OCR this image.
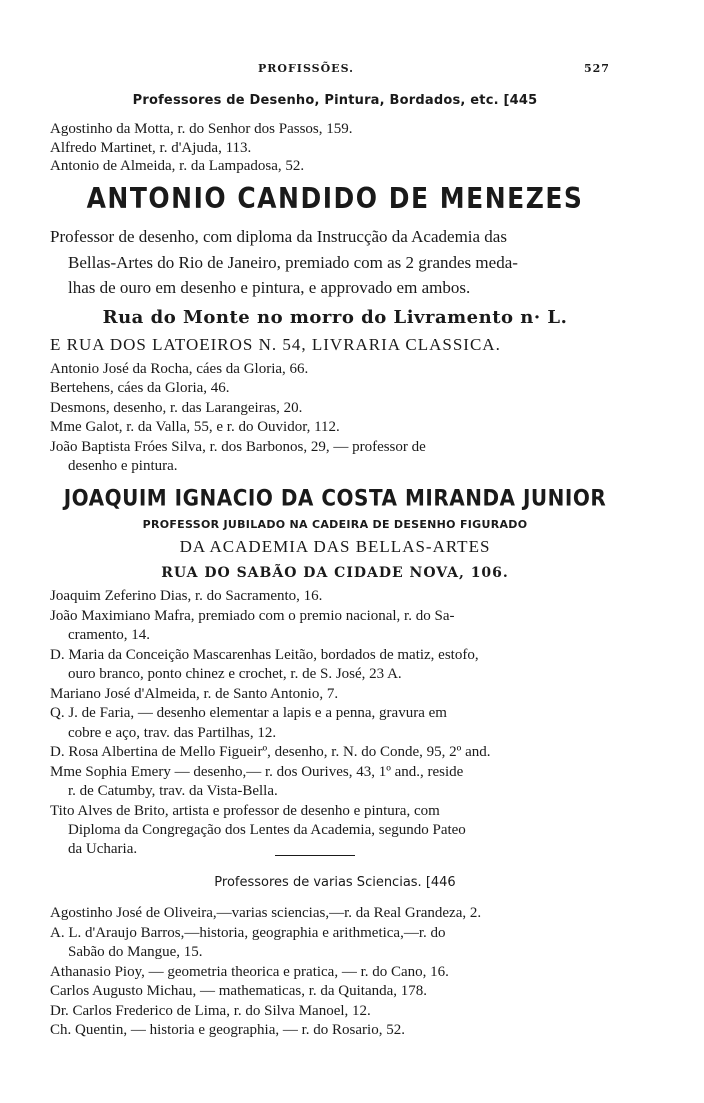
PROFISSÕES.	527
Professores de Desenho, Pintura, Bordados, etc. [445
Agostinho da Motta, r. do Senhor dos Passos, 159.
Alfredo Martinet, r. d'Ajuda, 113.
Antonio de Almeida, r. da Lampadosa, 52.
ANTONIO CANDIDO DE MENEZES
Professor de desenho, com diploma da Instrucção da Academia das
Bellas-Artes do Rio de Janeiro, premiado com as 2 grandes meda-
lhas de ouro em desenho e pintura, e approvado em ambos.
Rua do Monte no morro do Livramento n· L.
E RUA DOS LATOEIROS N. 54, LIVRARIA CLASSICA.
Antonio José da Rocha, cáes da Gloria, 66.
Bertehens, cáes da Gloria, 46.
Desmons, desenho, r. das Larangeiras, 20.
Mme Galot, r. da Valla, 55, e r. do Ouvidor, 112.
João Baptista Fróes Silva, r. dos Barbonos, 29, — professor de
desenho e pintura.
JOAQUIM IGNACIO DA COSTA MIRANDA JUNIOR
PROFESSOR JUBILADO NA CADEIRA DE DESENHO FIGURADO
DA ACADEMIA DAS BELLAS-ARTES
RUA DO SABÃO DA CIDADE NOVA, 106.
Joaquim Zeferino Dias, r. do Sacramento, 16.
João Maximiano Mafra, premiado com o premio nacional, r. do Sa-
cramento, 14.
D. Maria da Conceição Mascarenhas Leitão, bordados de matiz, estofo,
ouro branco, ponto chinez e crochet, r. de S. José, 23 A.
Mariano José d'Almeida, r. de Santo Antonio, 7.
Q. J. de Faria, — desenho elementar a lapis e a penna, gravura em
cobre e aço, trav. das Partilhas, 12.
D. Rosa Albertina de Mello Figueirº, desenho, r. N. do Conde, 95, 2º and.
Mme Sophia Emery — desenho,— r. dos Ourives, 43, 1º and., reside
r. de Catumby, trav. da Vista-Bella.
Tito Alves de Brito, artista e professor de desenho e pintura, com
Diploma da Congregação dos Lentes da Academia, segundo Pateo
da Ucharia.
Professores de varias Sciencias. [446
Agostinho José de Oliveira,—varias sciencias,—r. da Real Grandeza, 2.
A. L. d'Araujo Barros,—historia, geographia e arithmetica,—r. do
Sabão do Mangue, 15.
Athanasio Pioy, — geometria theorica e pratica, — r. do Cano, 16.
Carlos Augusto Michau, — mathematicas, r. da Quitanda, 178.
Dr. Carlos Frederico de Lima, r. do Silva Manoel, 12.
Ch. Quentin, — historia e geographia, — r. do Rosario, 52.
